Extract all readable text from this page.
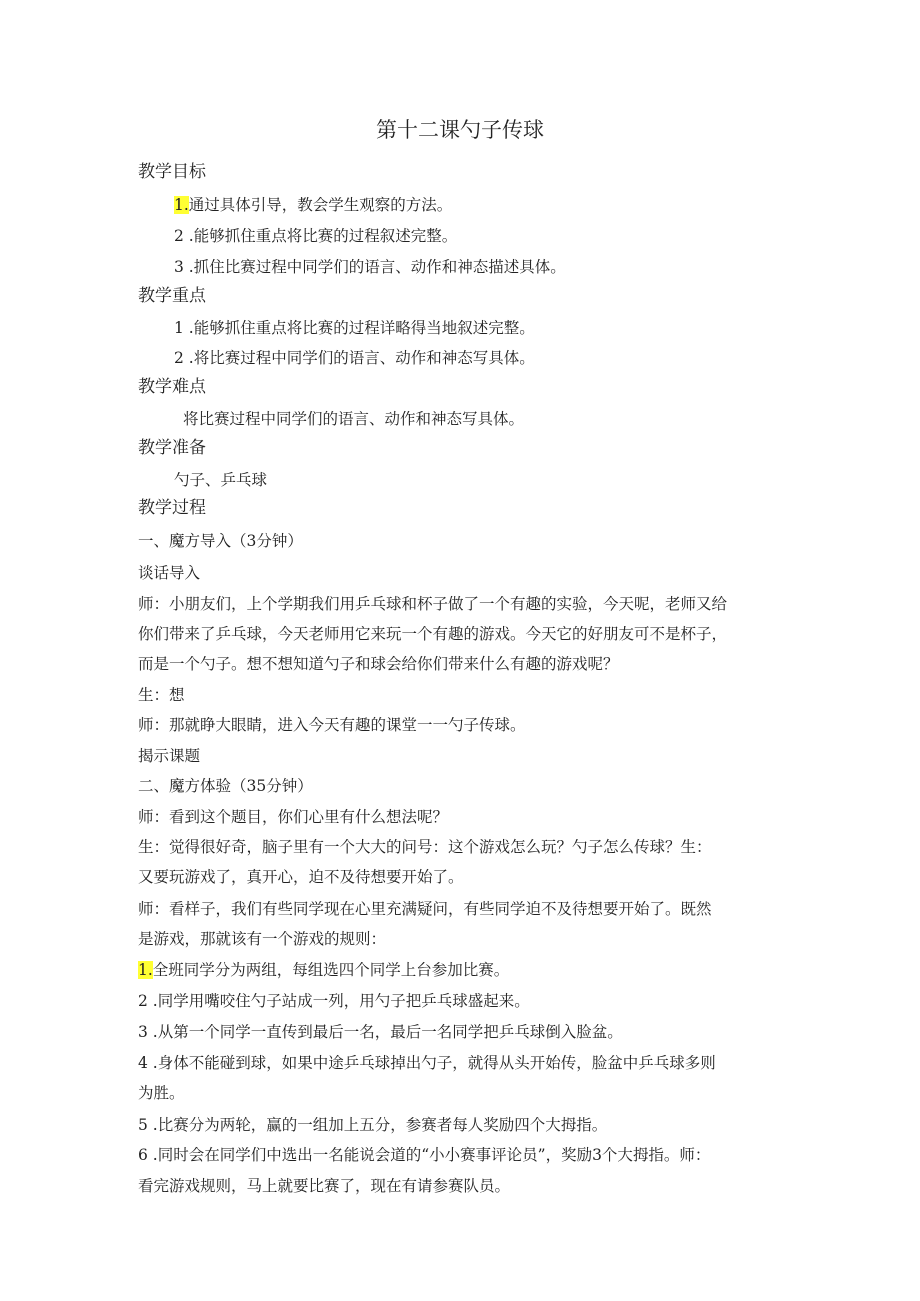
第十二课勺子传球
教学目标
1.通过具体引导，教会学生观察的方法。
2 .能够抓住重点将比赛的过程叙述完整。
3 .抓住比赛过程中同学们的语言、动作和神态描述具体。
教学重点
1 .能够抓住重点将比赛的过程详略得当地叙述完整。
2 .将比赛过程中同学们的语言、动作和神态写具体。
教学难点
将比赛过程中同学们的语言、动作和神态写具体。
教学准备
勺子、乒乓球
教学过程
一、魔方导入（3分钟）
谈话导入
师：小朋友们，上个学期我们用乒乓球和杯子做了一个有趣的实验，今天呢，老师又给
你们带来了乒乓球，今天老师用它来玩一个有趣的游戏。今天它的好朋友可不是杯子，
而是一个勺子。想不想知道勺子和球会给你们带来什么有趣的游戏呢？
生：想
师：那就睁大眼睛，进入今天有趣的课堂一一勺子传球。
揭示课题
二、魔方体验（35分钟）
师：看到这个题目，你们心里有什么想法呢？
生：觉得很好奇，脑子里有一个大大的问号：这个游戏怎么玩？勺子怎么传球？生：
又要玩游戏了，真开心，迫不及待想要开始了。
师：看样子，我们有些同学现在心里充满疑问，有些同学迫不及待想要开始了。既然
是游戏，那就该有一个游戏的规则：
1.全班同学分为两组，每组选四个同学上台参加比赛。
2 .同学用嘴咬住勺子站成一列，用勺子把乒乓球盛起来。
3 .从第一个同学一直传到最后一名，最后一名同学把乒乓球倒入脸盆。
4 .身体不能碰到球，如果中途乒乓球掉出勺子，就得从头开始传，脸盆中乒乓球多则
为胜。
5 .比赛分为两轮，赢的一组加上五分，参赛者每人奖励四个大拇指。
6 .同时会在同学们中选出一名能说会道的“小小赛事评论员”，奖励3个大拇指。师：
看完游戏规则，马上就要比赛了，现在有请参赛队员。
